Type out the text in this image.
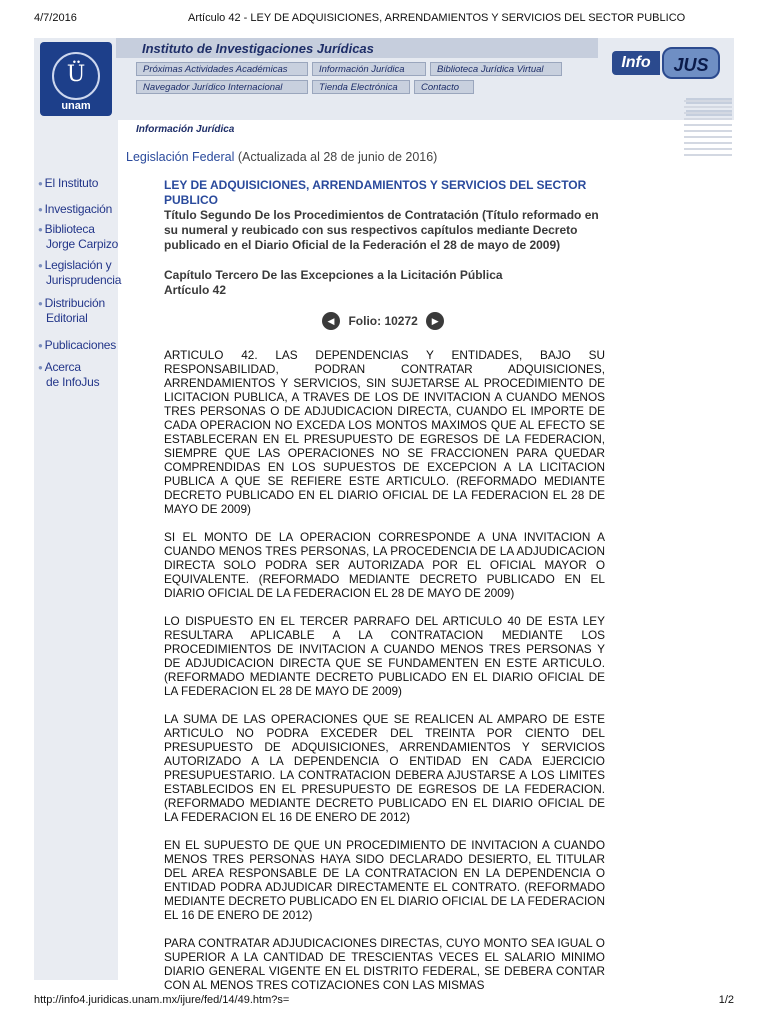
4/7/2016	Artículo 42 - LEY DE ADQUISICIONES, ARRENDAMIENTOS Y SERVICIOS DEL SECTOR PUBLICO
Instituto de Investigaciones Jurídicas
Ü
unam
Próximas Actividades Académicas	Información Jurídica	Biblioteca Jurídica Virtual
Navegador Jurídico Internacional	Tienda Electrónica	Contacto
Info	JUS
● El Instituto
● Investigación
● Biblioteca
Jorge Carpizo
● Legislación y
Jurisprudencia
● Distribución
Editorial
● Publicaciones
● Acerca
de InfoJus
Información Jurídica
Legislación Federal (Actualizada al 28 de junio de 2016)
LEY DE ADQUISICIONES, ARRENDAMIENTOS Y SERVICIOS DEL SECTOR PUBLICO
Título Segundo De los Procedimientos de Contratación (Título reformado en su numeral y reubicado con sus respectivos capítulos mediante Decreto publicado en el Diario Oficial de la Federación el 28 de mayo de 2009)
Capítulo Tercero De las Excepciones a la Licitación Pública
Artículo 42
◀ Folio: 10272 ▶

ARTICULO 42. LAS DEPENDENCIAS Y ENTIDADES, BAJO SU RESPONSABILIDAD, PODRAN CONTRATAR ADQUISICIONES, ARRENDAMIENTOS Y SERVICIOS, SIN SUJETARSE AL PROCEDIMIENTO DE LICITACION PUBLICA, A TRAVES DE LOS DE INVITACION A CUANDO MENOS TRES PERSONAS O DE ADJUDICACION DIRECTA, CUANDO EL IMPORTE DE CADA OPERACION NO EXCEDA LOS MONTOS MAXIMOS QUE AL EFECTO SE ESTABLECERAN EN EL PRESUPUESTO DE EGRESOS DE LA FEDERACION, SIEMPRE QUE LAS OPERACIONES NO SE FRACCIONEN PARA QUEDAR COMPRENDIDAS EN LOS SUPUESTOS DE EXCEPCION A LA LICITACION PUBLICA A QUE SE REFIERE ESTE ARTICULO. (REFORMADO MEDIANTE DECRETO PUBLICADO EN EL DIARIO OFICIAL DE LA FEDERACION EL 28 DE MAYO DE 2009)

SI EL MONTO DE LA OPERACION CORRESPONDE A UNA INVITACION A CUANDO MENOS TRES PERSONAS, LA PROCEDENCIA DE LA ADJUDICACION DIRECTA SOLO PODRA SER AUTORIZADA POR EL OFICIAL MAYOR O EQUIVALENTE. (REFORMADO MEDIANTE DECRETO PUBLICADO EN EL DIARIO OFICIAL DE LA FEDERACION EL 28 DE MAYO DE 2009)

LO DISPUESTO EN EL TERCER PARRAFO DEL ARTICULO 40 DE ESTA LEY RESULTARA APLICABLE A LA CONTRATACION MEDIANTE LOS PROCEDIMIENTOS DE INVITACION A CUANDO MENOS TRES PERSONAS Y DE ADJUDICACION DIRECTA QUE SE FUNDAMENTEN EN ESTE ARTICULO. (REFORMADO MEDIANTE DECRETO PUBLICADO EN EL DIARIO OFICIAL DE LA FEDERACION EL 28 DE MAYO DE 2009)

LA SUMA DE LAS OPERACIONES QUE SE REALICEN AL AMPARO DE ESTE ARTICULO NO PODRA EXCEDER DEL TREINTA POR CIENTO DEL PRESUPUESTO DE ADQUISICIONES, ARRENDAMIENTOS Y SERVICIOS AUTORIZADO A LA DEPENDENCIA O ENTIDAD EN CADA EJERCICIO PRESUPUESTARIO. LA CONTRATACION DEBERA AJUSTARSE A LOS LIMITES ESTABLECIDOS EN EL PRESUPUESTO DE EGRESOS DE LA FEDERACION. (REFORMADO MEDIANTE DECRETO PUBLICADO EN EL DIARIO OFICIAL DE LA FEDERACION EL 16 DE ENERO DE 2012)

EN EL SUPUESTO DE QUE UN PROCEDIMIENTO DE INVITACION A CUANDO MENOS TRES PERSONAS HAYA SIDO DECLARADO DESIERTO, EL TITULAR DEL AREA RESPONSABLE DE LA CONTRATACION EN LA DEPENDENCIA O ENTIDAD PODRA ADJUDICAR DIRECTAMENTE EL CONTRATO. (REFORMADO MEDIANTE DECRETO PUBLICADO EN EL DIARIO OFICIAL DE LA FEDERACION EL 16 DE ENERO DE 2012)

PARA CONTRATAR ADJUDICACIONES DIRECTAS, CUYO MONTO SEA IGUAL O SUPERIOR A LA CANTIDAD DE TRESCIENTAS VECES EL SALARIO MINIMO DIARIO GENERAL VIGENTE EN EL DISTRITO FEDERAL, SE DEBERA CONTAR CON AL MENOS TRES COTIZACIONES CON LAS MISMAS

http://info4.juridicas.unam.mx/ijure/fed/14/49.htm?s=	1/2
